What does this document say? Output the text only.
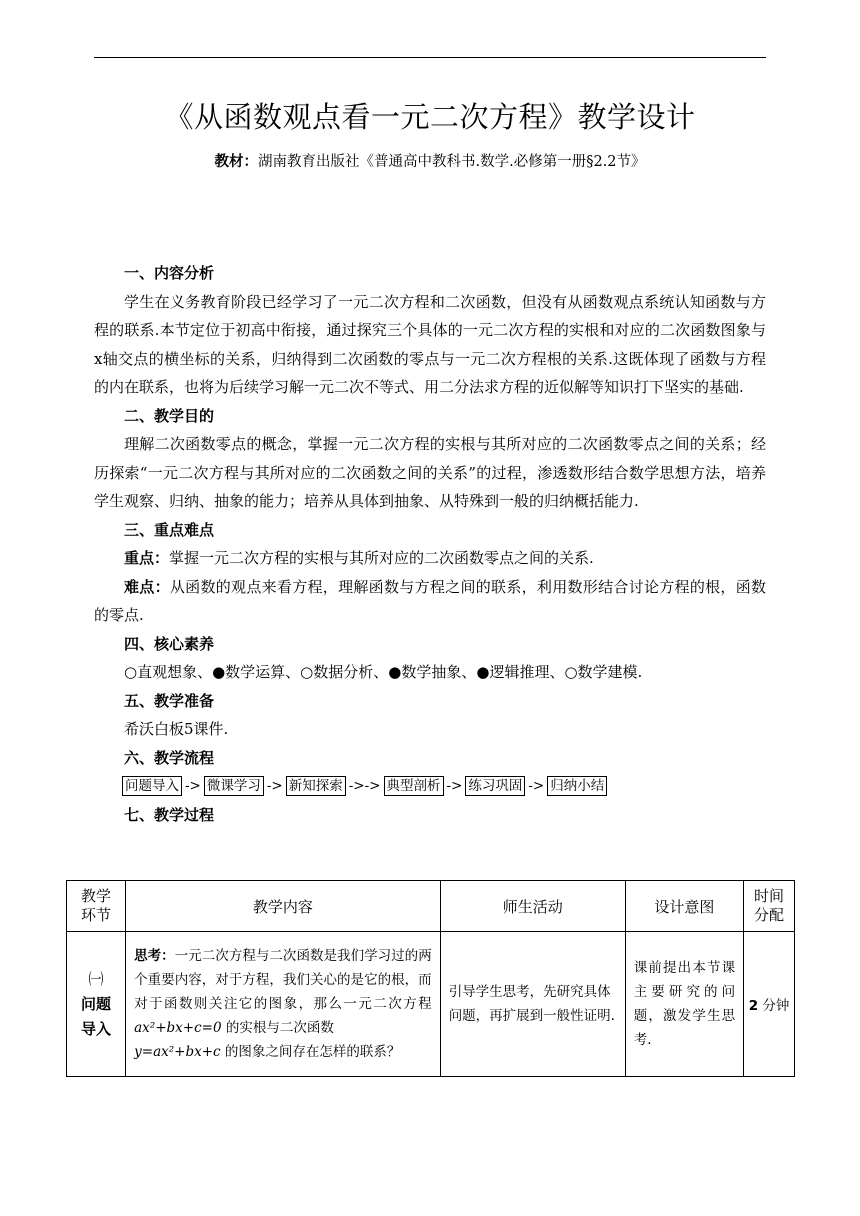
《从函数观点看一元二次方程》教学设计
教材：湖南教育出版社《普通高中教科书.数学.必修第一册§2.2节》

一、内容分析

学生在义务教育阶段已经学习了一元二次方程和二次函数，但没有从函数观点系统认知函数与方程的联系.本节定位于初高中衔接，通过探究三个具体的一元二次方程的实根和对应的二次函数图象与x轴交点的横坐标的关系，归纳得到二次函数的零点与一元二次方程根的关系.这既体现了函数与方程的内在联系，也将为后续学习解一元二次不等式、用二分法求方程的近似解等知识打下坚实的基础.

二、教学目的

理解二次函数零点的概念，掌握一元二次方程的实根与其所对应的二次函数零点之间的关系；经历探索“一元二次方程与其所对应的二次函数之间的关系”的过程，渗透数形结合数学思想方法，培养学生观察、归纳、抽象的能力；培养从具体到抽象、从特殊到一般的归纳概括能力.

三、重点难点

重点：掌握一元二次方程的实根与其所对应的二次函数零点之间的关系.

难点：从函数的观点来看方程，理解函数与方程之间的联系，利用数形结合讨论方程的根，函数的零点.

四、核心素养

○直观想象、●数学运算、○数据分析、●数学抽象、●逻辑推理、○数学建模.

五、教学准备

希沃白板5课件.

六、教学流程

问题导入 -> 微课学习 -> 新知探索 ->-> 典型剖析 -> 练习巩固 -> 归纳小结

七、教学过程

教学
环节	教学内容	师生活动	设计意图	时间
分配
㈠
问题
导入	思考：一元二次方程与二次函数是我们学习过的两个重要内容，对于方程，我们关心的是它的根，而对于函数则关注它的图象，那么一元二次方程 ax²+bx+c=0 的实根与二次函数
y=ax²+bx+c 的图象之间存在怎样的联系？	引导学生思考，先研究具体问题，再扩展到一般性证明.	课前提出本节课主要研究的问题，激发学生思考.	2 分钟
